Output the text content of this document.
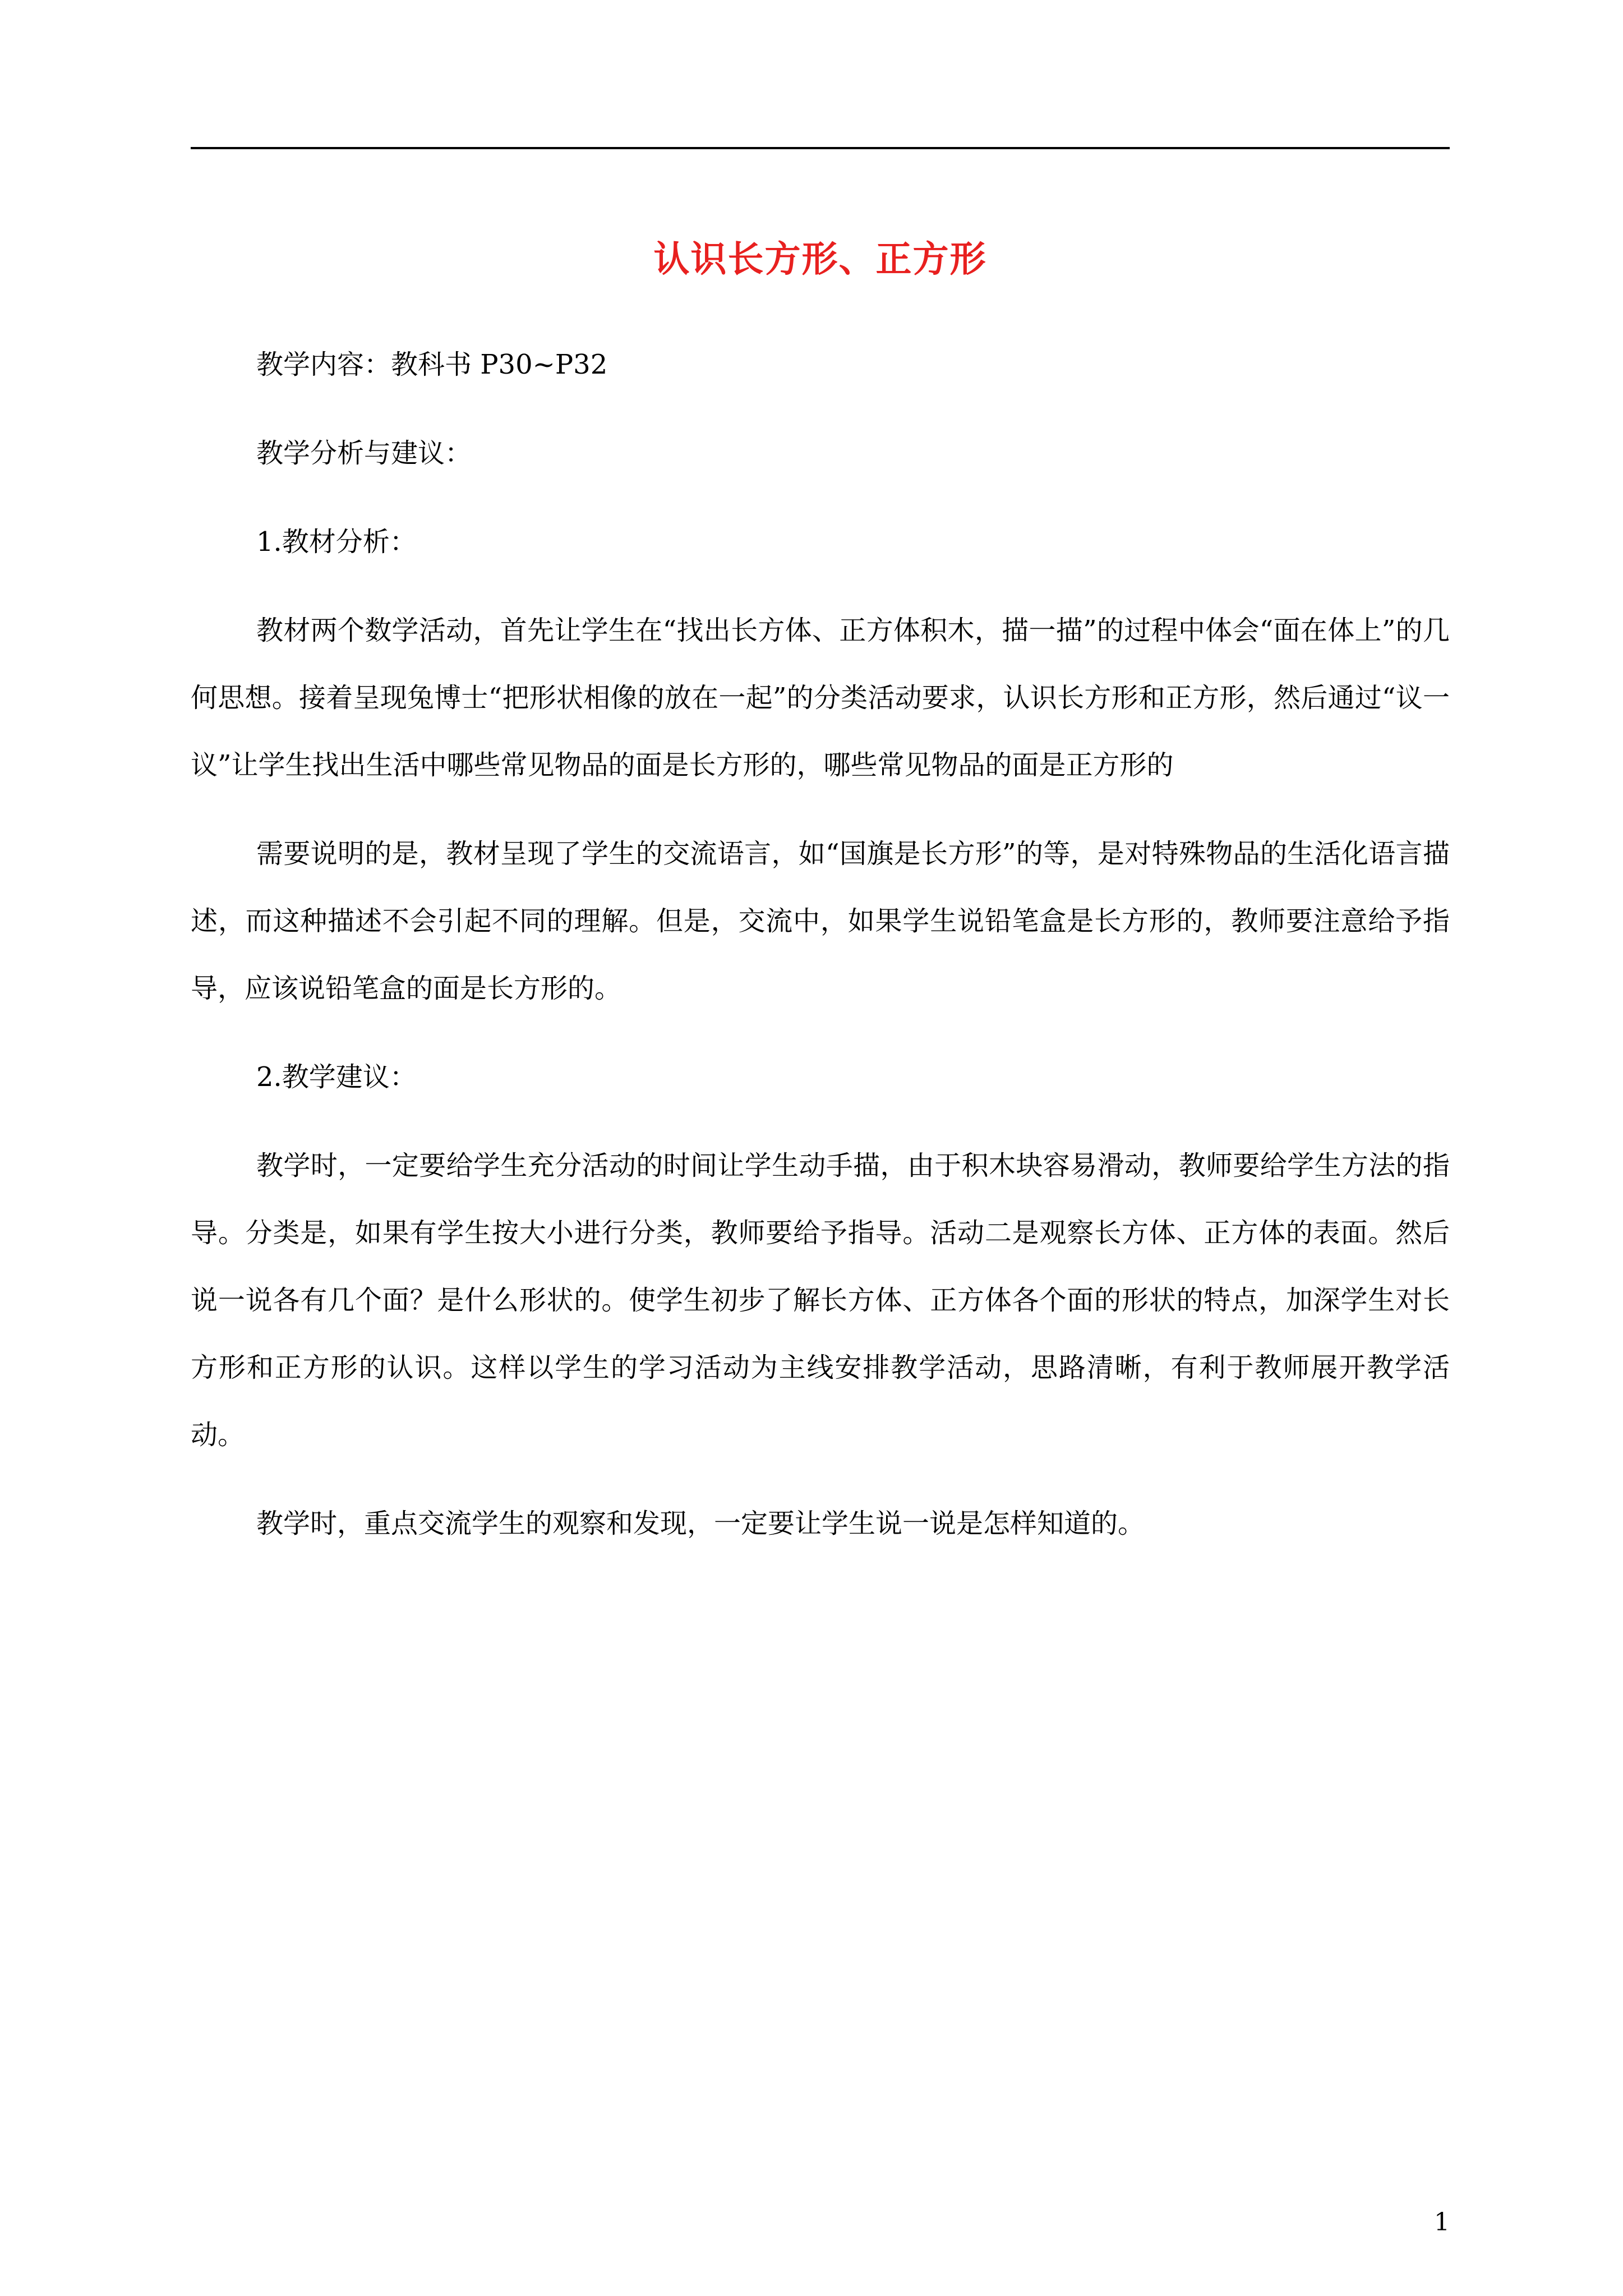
认识长方形、正方形

教学内容：教科书 P30~P32

教学分析与建议：

1.教材分析：

教材两个数学活动，首先让学生在“找出长方体、正方体积木，描一描”的过程中体会“面在体上”的几何思想。接着呈现兔博士“把形状相像的放在一起”的分类活动要求，认识长方形和正方形，然后通过“议一议”让学生找出生活中哪些常见物品的面是长方形的，哪些常见物品的面是正方形的

需要说明的是，教材呈现了学生的交流语言，如“国旗是长方形”的等，是对特殊物品的生活化语言描述，而这种描述不会引起不同的理解。但是，交流中，如果学生说铅笔盒是长方形的，教师要注意给予指导，应该说铅笔盒的面是长方形的。

2.教学建议：

教学时，一定要给学生充分活动的时间让学生动手描，由于积木块容易滑动，教师要给学生方法的指导。分类是，如果有学生按大小进行分类，教师要给予指导。活动二是观察长方体、正方体的表面。然后说一说各有几个面？是什么形状的。使学生初步了解长方体、正方体各个面的形状的特点，加深学生对长方形和正方形的认识。这样以学生的学习活动为主线安排教学活动，思路清晰，有利于教师展开教学活动。

教学时，重点交流学生的观察和发现，一定要让学生说一说是怎样知道的。

1
